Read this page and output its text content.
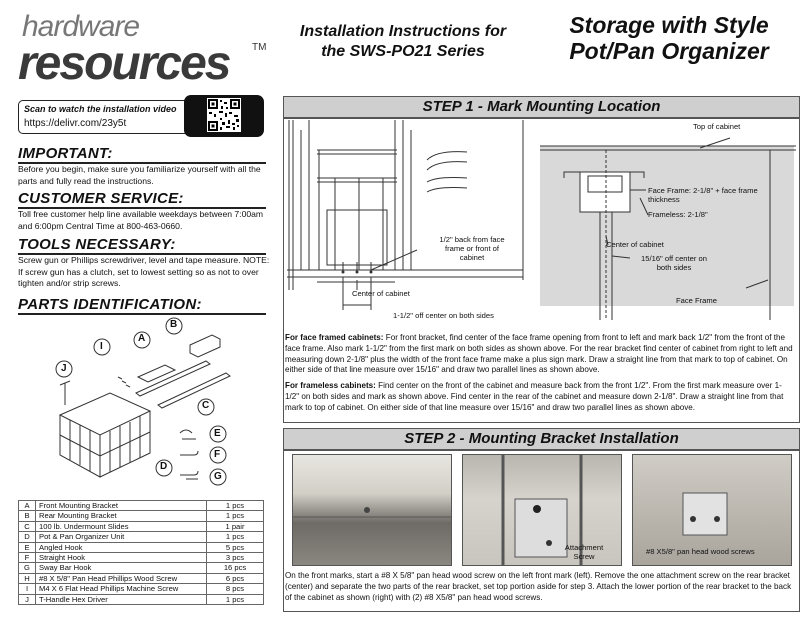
hardware
resources TM
Installation Instructions for
the SWS-PO21 Series
Storage with Style
Pot/Pan Organizer
Scan to watch the installation video
https://delivr.com/23y5t
IMPORTANT:
Before you begin, make sure you familiarize yourself with all the parts and fully read the instructions.
CUSTOMER SERVICE:
Toll free customer help line available weekdays between 7:00am and 6:00pm Central Time at 800-463-0660.
TOOLS NECESSARY:
Screw gun or Phillips screwdriver, level and tape measure. NOTE: If screw gun has a clutch, set to lowest setting so as not to over tighten and/or strip screws.
PARTS IDENTIFICATION:
B
A
C
D
E
F
G
I
J
A	Front Mounting Bracket	1 pcs
B	Rear Mounting Bracket	1 pcs
C	100 lb. Undermount Slides	1 pair
D	Pot & Pan Organizer Unit	1 pcs
E	Angled Hook	5 pcs
F	Straight Hook	3 pcs
G	Sway Bar Hook	16 pcs
H	#8 X 5/8" Pan Head Phillips Wood Screw	6 pcs
I	M4 X 6 Flat Head Phillips Machine Screw	8 pcs
J	T-Handle Hex Driver	1 pcs
STEP 1 - Mark Mounting Location
1/2" back from face frame or front of cabinet
Center of cabinet
1-1/2" off center on both sides
Top of cabinet
Face Frame: 2-1/8" + face frame thickness
Frameless: 2-1/8"
Center of cabinet
15/16" off center on both sides
Face Frame
For face framed cabinets: For front bracket, find center of the face frame opening from front to left and mark back 1/2" from the front of the face frame. Also mark 1-1/2" from the first mark on both sides as shown above. For the rear bracket find center of cabinet from right to left and measuring down 2-1/8" plus the width of the front face frame make a plus sign mark. Draw a straight line from that mark to top of cabinet. On either side of that line measure over 15/16" and draw two parallel lines as shown above.
For frameless cabinets: Find center on the front of the cabinet and measure back from the front 1/2". From the first mark measure over 1-1/2" on both sides and mark as shown above. Find center in the rear of the cabinet and measure down 2-1/8". Draw a straight line from that mark to top of cabinet. On either side of that line measure over 15/16" and draw two parallel lines as shown above.
STEP 2 - Mounting Bracket Installation
Attachment Screw
#8 X5/8" pan head wood screws
On the front marks, start a #8 X 5/8" pan head wood screw on the left front mark (left). Remove the one attachment screw on the rear bracket (center) and separate the two parts of the rear bracket, set top portion aside for step 3. Attach the lower portion of the rear bracket to the back of the cabinet as shown (right) with (2) #8 X5/8" pan head wood screws.
